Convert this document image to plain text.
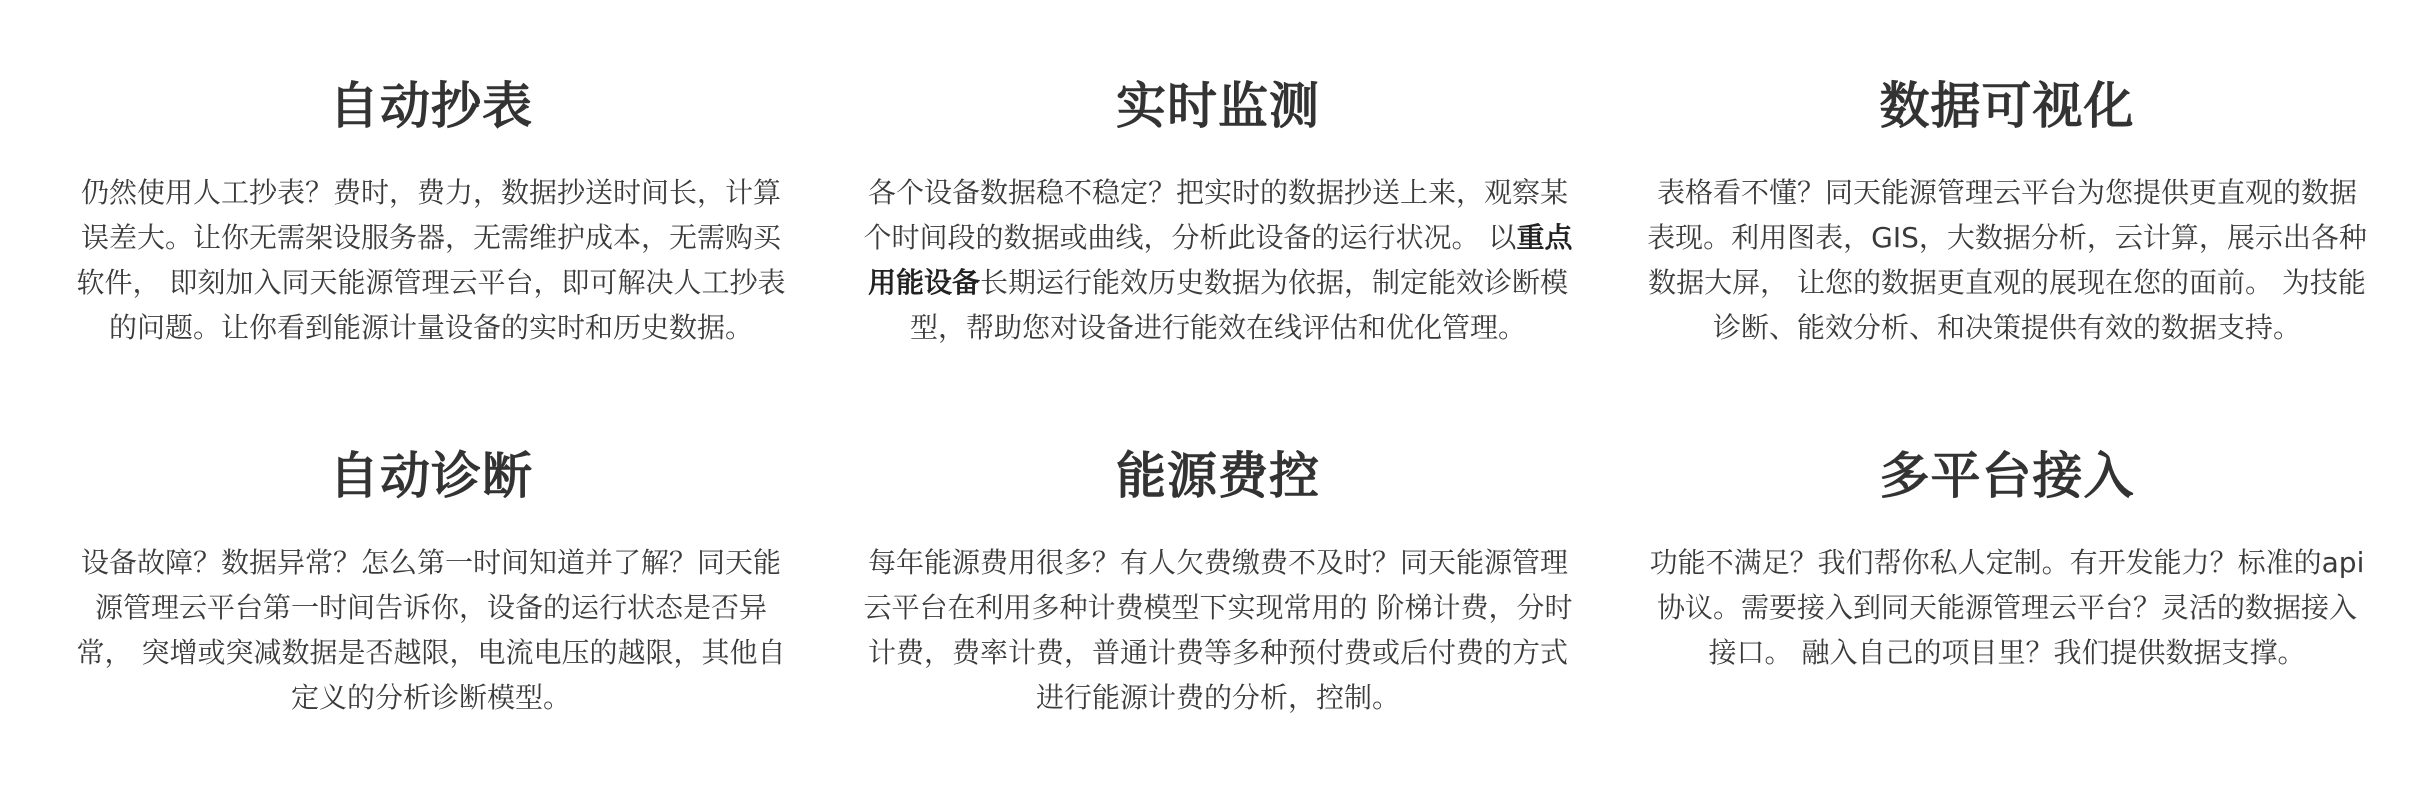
自动抄表

仍然使用人工抄表？费时，费力，数据抄送时间长，计算误差大。让你无需架设服务器，无需维护成本，无需购买软件， 即刻加入同天能源管理云平台，即可解决人工抄表的问题。让你看到能源计量设备的实时和历史数据。

实时监测

各个设备数据稳不稳定？把实时的数据抄送上来，观察某个时间段的数据或曲线，分析此设备的运行状况。 以重点用能设备长期运行能效历史数据为依据，制定能效诊断模型，帮助您对设备进行能效在线评估和优化管理。

数据可视化

表格看不懂？同天能源管理云平台为您提供更直观的数据表现。利用图表，GIS，大数据分析，云计算，展示出各种数据大屏， 让您的数据更直观的展现在您的面前。 为技能诊断、能效分析、和决策提供有效的数据支持。

自动诊断

设备故障？数据异常？怎么第一时间知道并了解？同天能源管理云平台第一时间告诉你，设备的运行状态是否异常， 突增或突减数据是否越限，电流电压的越限，其他自定义的分析诊断模型。

能源费控

每年能源费用很多？有人欠费缴费不及时？同天能源管理云平台在利用多种计费模型下实现常用的 阶梯计费，分时计费，费率计费，普通计费等多种预付费或后付费的方式进行能源计费的分析，控制。

多平台接入

功能不满足？我们帮你私人定制。有开发能力？标准的api协议。需要接入到同天能源管理云平台？灵活的数据接入接口。 融入自己的项目里？我们提供数据支撑。
